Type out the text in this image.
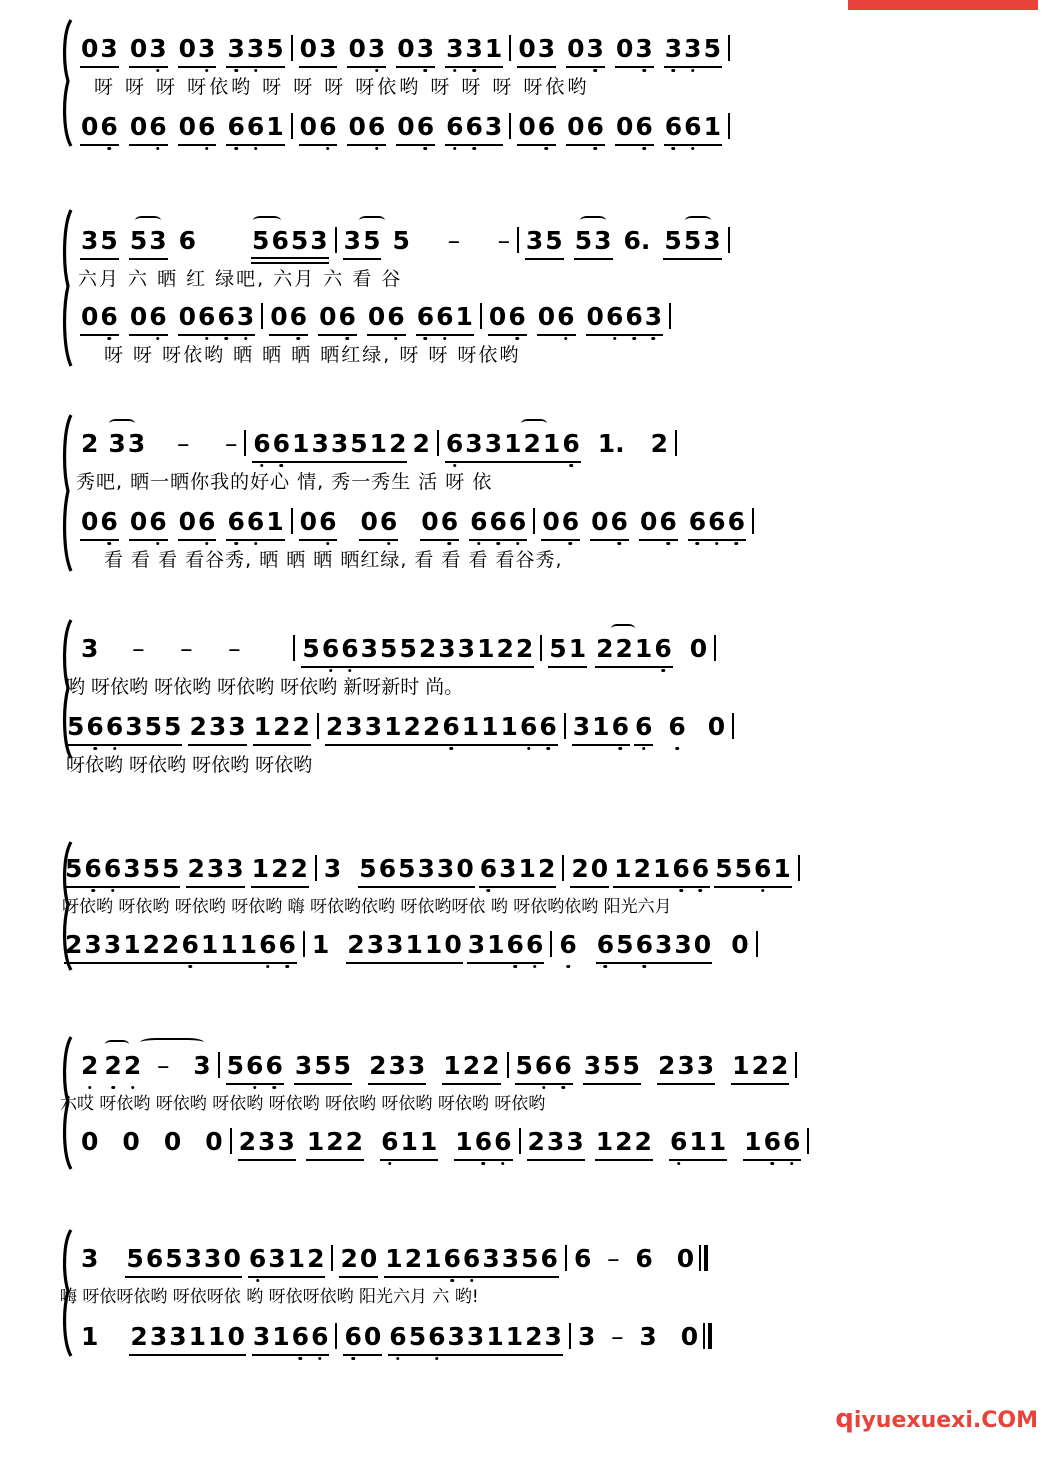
03 03 03 335 03 03 03 331 03 03 03 335
呀 呀 呀 呀依哟 呀 呀 呀 呀依哟 呀 呀 呀 呀依哟
06 06 06 661 06 06 06 663 06 06 06 661
35 53 6 5653 35 5 – – 35 53 6. 553
六月 六 晒 红 绿吧, 六月 六 看 谷
06 06 0663 06 06 06 661 06 06 0663
呀 呀 呀依哟 晒 晒 晒 晒红绿, 呀 呀 呀依哟
2 33 – – 66133512 2 6331216 1. 2
秀吧, 晒一晒你我的好心 情, 秀一秀生 活 呀 依
06 06 06 661 06 06 06 666 06 06 06 666
看 看 看 看谷秀, 晒 晒 晒 晒红绿, 看 看 看 看谷秀,
3 – – – 566355233122 51 2216 0
哟 呀依哟 呀依哟 呀依哟 呀依哟 新呀新时 尚。
566355 233 122 233122611166 316 6 6 0
呀依哟 呀依哟 呀依哟 呀依哟
566355 233 122 3 565330 6312 20 12166 5561
呀依哟 呀依哟 呀依哟 呀依哟 嗨 呀依哟依哟 呀依哟呀依 哟 呀依哟依哟 阳光六月
233122611166 1 233110 3166 6 656330 0
2 22 – 3 566 355 233 122 566 355 233 122
六哎 呀依哟 呀依哟 呀依哟 呀依哟 呀依哟 呀依哟 呀依哟 呀依哟
0 0 0 0 233 122 611 166 233 122 611 166
3 565330 6312 20 121663356 6 – 6 0
嗨 呀依呀依哟 呀依呀依 哟 呀依呀依哟 阳光六月 六 哟!
1 233110 3166 60 656331123 3 – 3 0
qiyuexuexi.COM
